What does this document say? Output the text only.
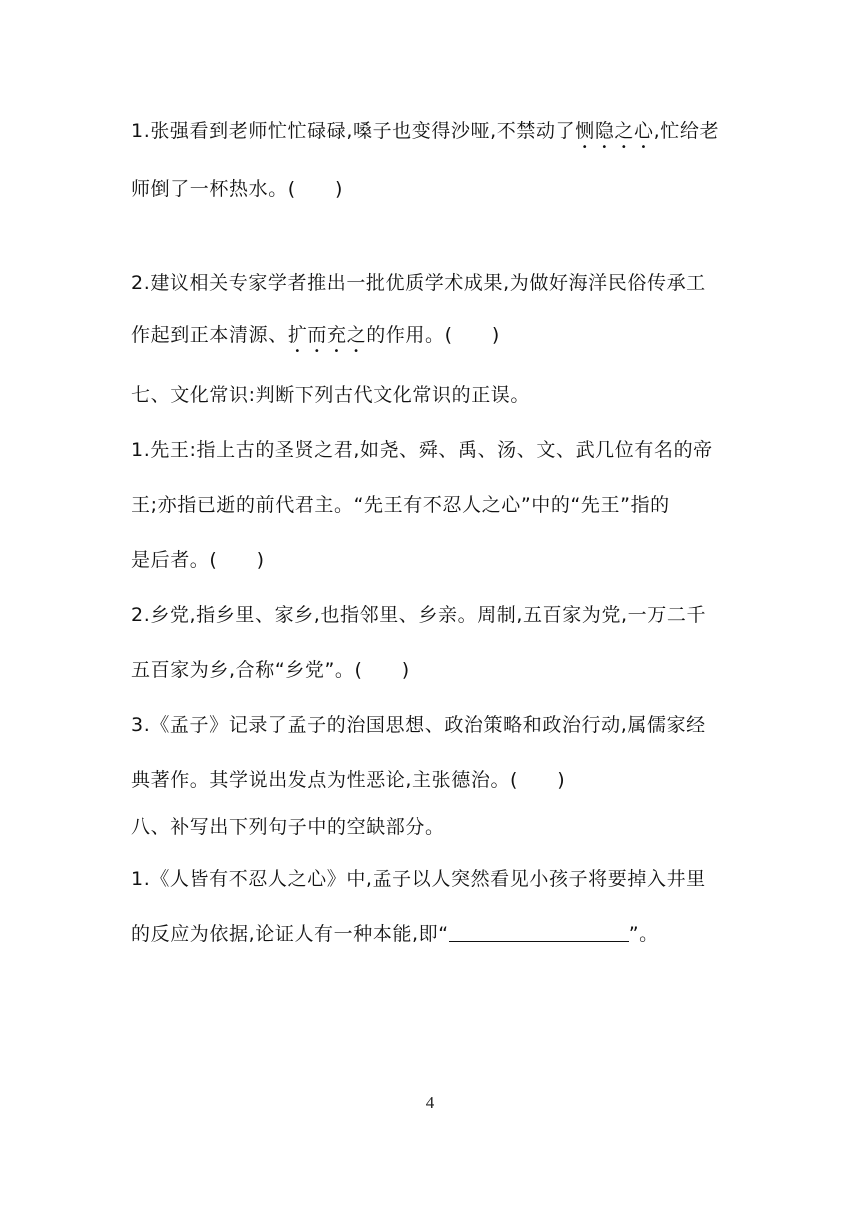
1.张强看到老师忙忙碌碌,嗓子也变得沙哑,不禁动了恻隐之心,忙给老
师倒了一杯热水。(　　)
2.建议相关专家学者推出一批优质学术成果,为做好海洋民俗传承工
作起到正本清源、扩而充之的作用。(　　)
七、文化常识:判断下列古代文化常识的正误。
1.先王:指上古的圣贤之君,如尧、舜、禹、汤、文、武几位有名的帝
王;亦指已逝的前代君主。“先王有不忍人之心”中的“先王”指的
是后者。(　　)
2.乡党,指乡里、家乡,也指邻里、乡亲。周制,五百家为党,一万二千
五百家为乡,合称“乡党”。(　　)
3.《孟子》记录了孟子的治国思想、政治策略和政治行动,属儒家经
典著作。其学说出发点为性恶论,主张德治。(　　)
八、补写出下列句子中的空缺部分。
1.《人皆有不忍人之心》中,孟子以人突然看见小孩子将要掉入井里
的反应为依据,论证人有一种本能,即“	”。
4
